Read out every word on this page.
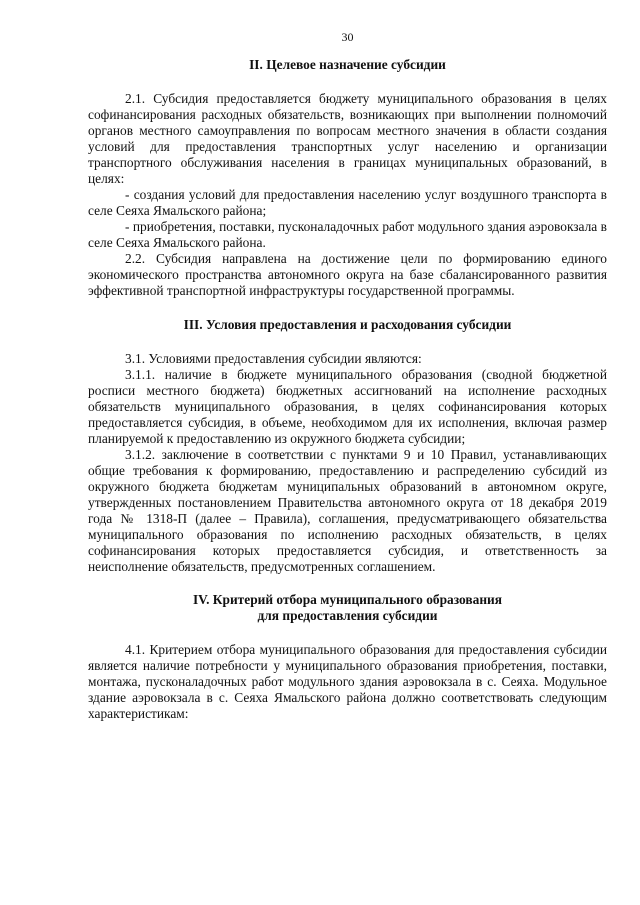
30
II. Целевое назначение субсидии

2.1. Субсидия предоставляется бюджету муниципального образования в целях софинансирования расходных обязательств, возникающих при выполнении полномочий органов местного самоуправления по вопросам местного значения в области создания условий для предоставления транспортных услуг населению и организации транспортного обслуживания населения в границах муниципальных образований, в целях:

- создания условий для предоставления населению услуг воздушного транспорта в селе Сеяха Ямальского района;

- приобретения, поставки, пусконаладочных работ модульного здания аэровокзала в селе Сеяха Ямальского района.

2.2. Субсидия направлена на достижение цели по формированию единого экономического пространства автономного округа на базе сбалансированного развития эффективной транспортной инфраструктуры государственной программы.

III. Условия предоставления и расходования субсидии

3.1. Условиями предоставления субсидии являются:

3.1.1. наличие в бюджете муниципального образования (сводной бюджетной росписи местного бюджета) бюджетных ассигнований на исполнение расходных обязательств муниципального образования, в целях софинансирования которых предоставляется субсидия, в объеме, необходимом для их исполнения, включая размер планируемой к предоставлению из окружного бюджета субсидии;

3.1.2. заключение в соответствии с пунктами 9 и 10 Правил, устанавливающих общие требования к формированию, предоставлению и распределению субсидий из окружного бюджета бюджетам муниципальных образований в автономном округе, утвержденных постановлением Правительства автономного округа от 18 декабря 2019 года № 1318-П (далее – Правила), соглашения, предусматривающего обязательства муниципального образования по исполнению расходных обязательств, в целях софинансирования которых предоставляется субсидия, и ответственность за неисполнение обязательств, предусмотренных соглашением.

IV. Критерий отбора муниципального образования
для предоставления субсидии

4.1. Критерием отбора муниципального образования для предоставления субсидии является наличие потребности у муниципального образования приобретения, поставки, монтажа, пусконаладочных работ модульного здания аэровокзала в с. Сеяха. Модульное здание аэровокзала в с. Сеяха Ямальского района должно соответствовать следующим характеристикам:
